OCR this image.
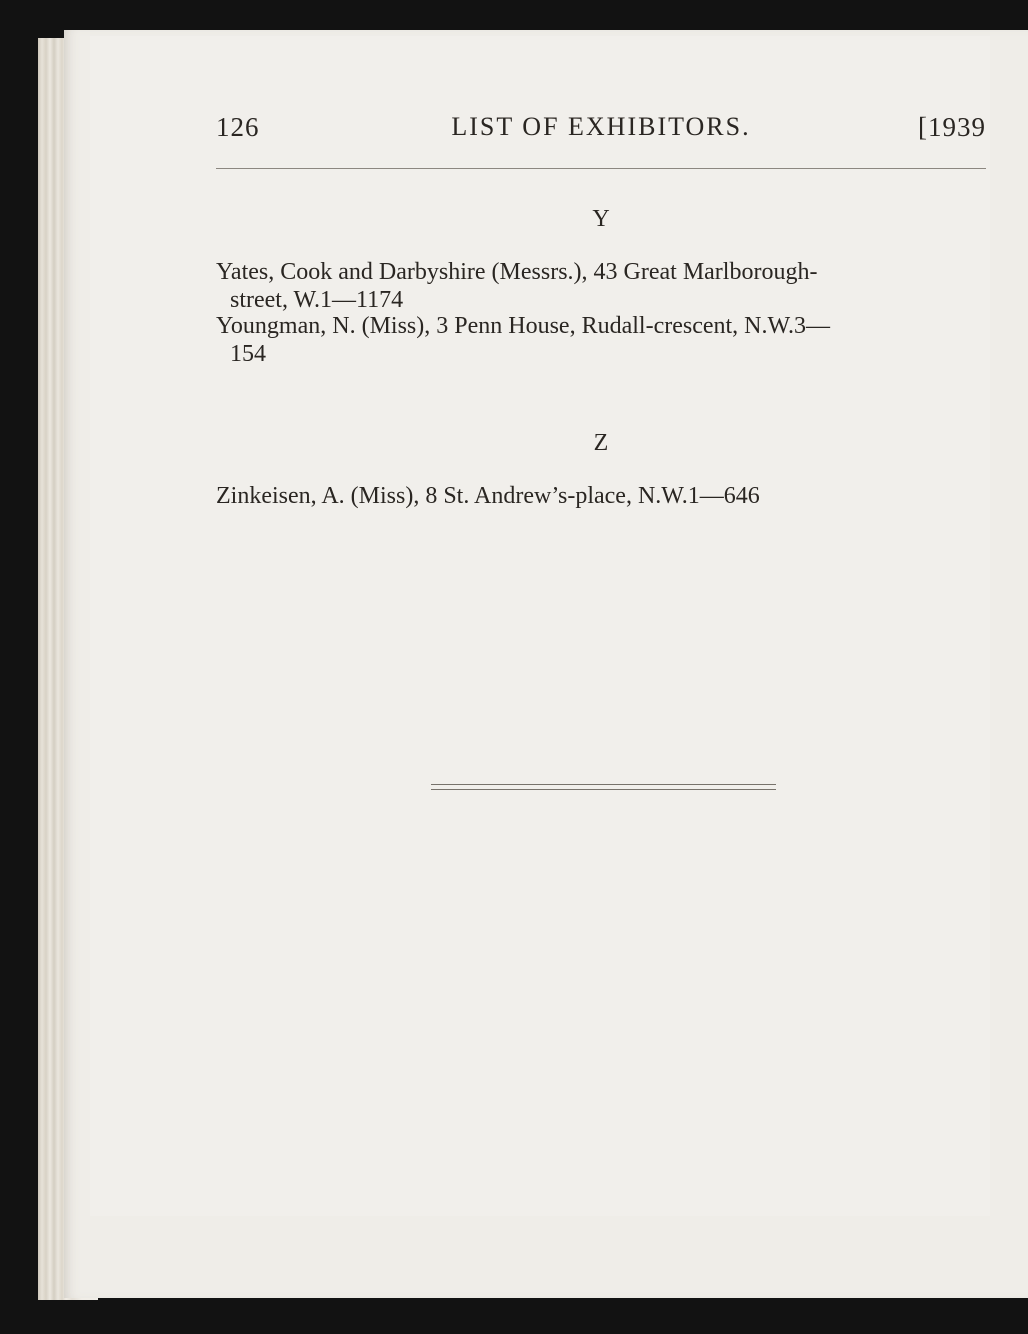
126	LIST OF EXHIBITORS.	[1939
Y
Yates, Cook and Darbyshire (Messrs.), 43 Great Marlborough-
street, W.1—1174
Youngman, N. (Miss), 3 Penn House, Rudall-crescent, N.W.3—
154
Z
Zinkeisen, A. (Miss), 8 St. Andrew’s-place, N.W.1—646
